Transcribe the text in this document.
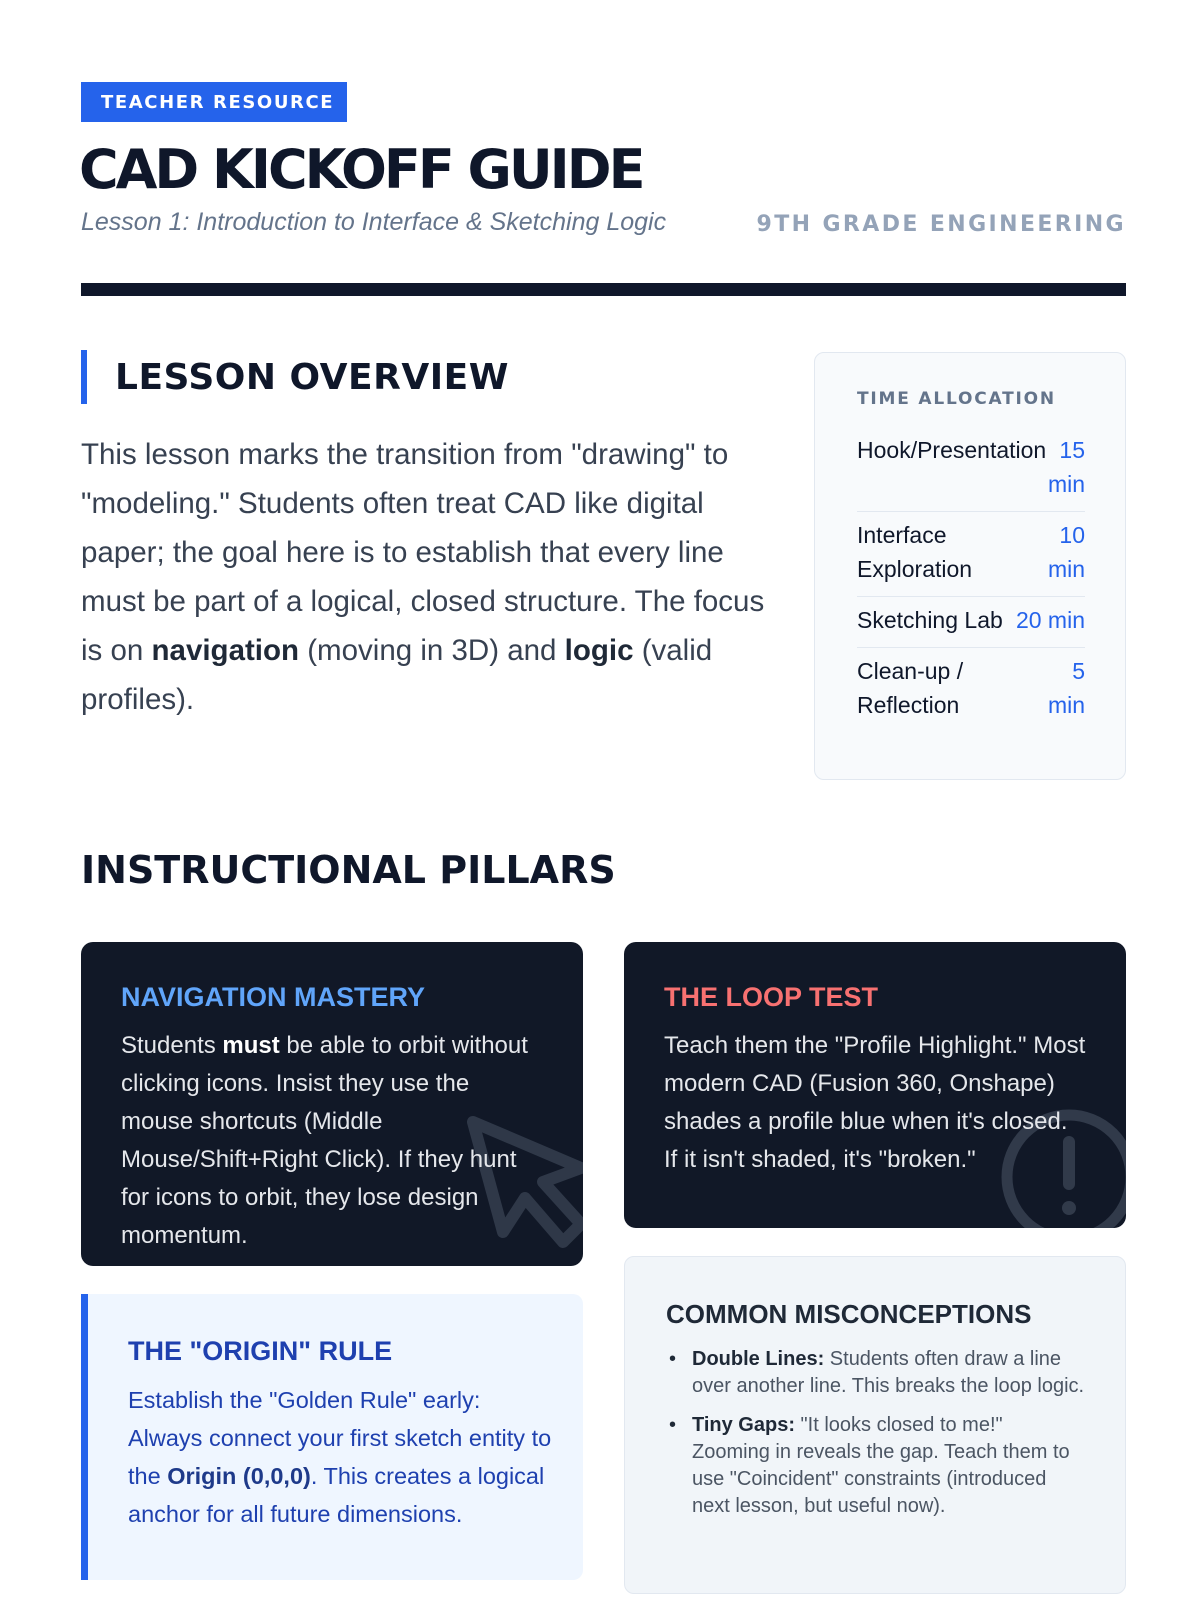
TEACHER RESOURCE
CAD KICKOFF GUIDE
Lesson 1: Introduction to Interface & Sketching Logic	9TH GRADE ENGINEERING
LESSON OVERVIEW

This lesson marks the transition from "drawing" to "modeling." Students often treat CAD like digital paper; the goal here is to establish that every line must be part of a logical, closed structure. The focus is on navigation (moving in 3D) and logic (valid profiles).

TIME ALLOCATION
Hook/Presentation 15 min
Interface Exploration
10 min
Sketching Lab 20 min
Clean-up / Reflection
5 min
INSTRUCTIONAL PILLARS
NAVIGATION MASTERY

Students must be able to orbit without clicking icons. Insist they use the mouse shortcuts (Middle Mouse/Shift+Right Click). If they hunt for icons to orbit, they lose design momentum.

THE LOOP TEST

Teach them the "Profile Highlight." Most modern CAD (Fusion 360, Onshape) shades a profile blue when it's closed. If it isn't shaded, it's "broken."

THE "ORIGIN" RULE

Establish the "Golden Rule" early: Always connect your first sketch entity to the Origin (0,0,0). This creates a logical anchor for all future dimensions.

COMMON MISCONCEPTIONS
• Double Lines: Students often draw a line over another line. This breaks the loop logic.
• Tiny Gaps: "It looks closed to me!" Zooming in reveals the gap. Teach them to use "Coincident" constraints (introduced next lesson, but useful now).
